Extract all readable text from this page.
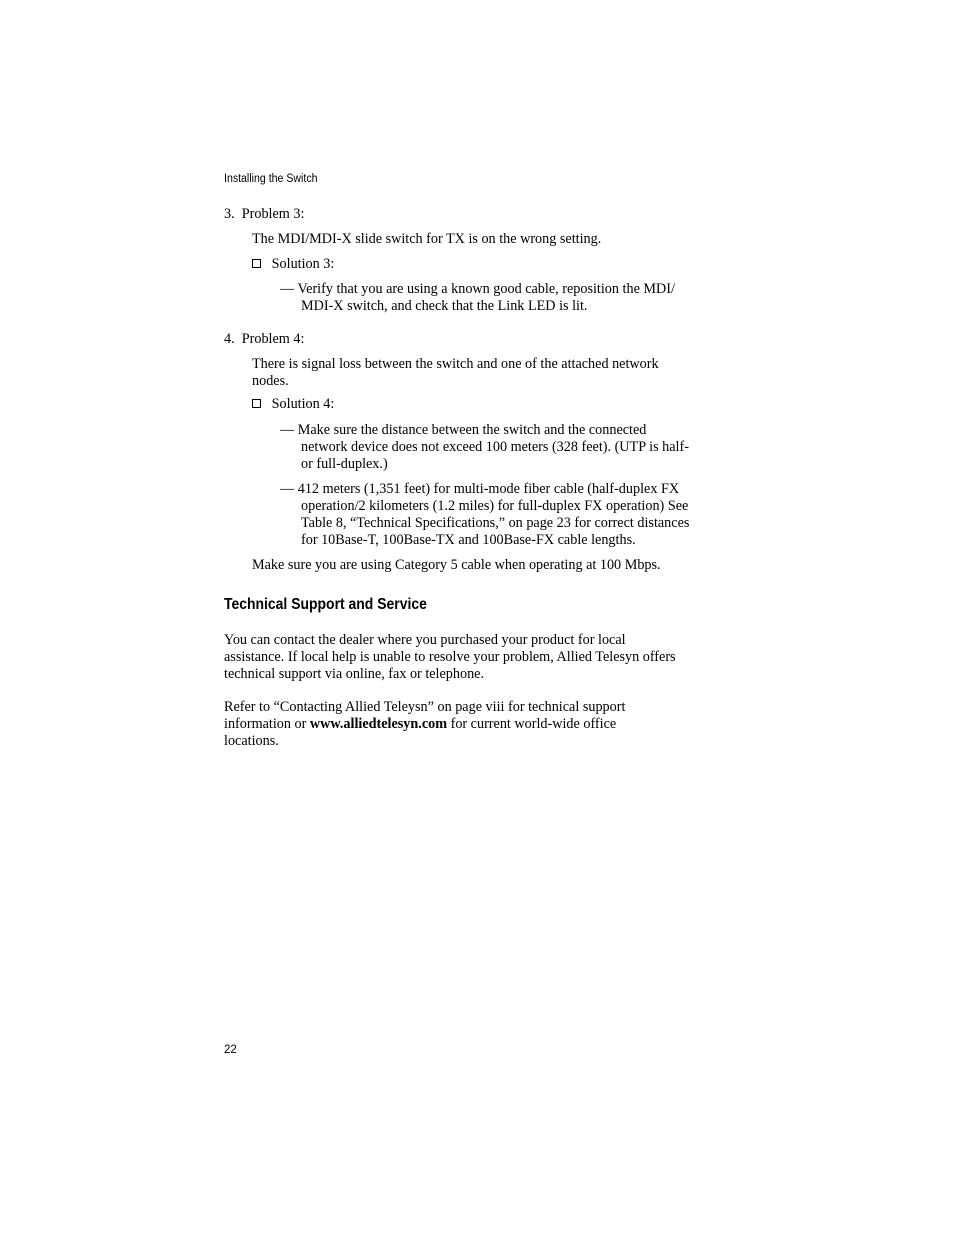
Installing the Switch
3. Problem 3:
The MDI/MDI-X slide switch for TX is on the wrong setting.
Solution 3:
— Verify that you are using a known good cable, reposition the MDI/
MDI-X switch, and check that the Link LED is lit.
4. Problem 4:
There is signal loss between the switch and one of the attached network
nodes.
Solution 4:
— Make sure the distance between the switch and the connected
network device does not exceed 100 meters (328 feet). (UTP is half-
or full-duplex.)
— 412 meters (1,351 feet) for multi-mode fiber cable (half-duplex FX
operation/2 kilometers (1.2 miles) for full-duplex FX operation) See
Table 8, “Technical Specifications,” on page 23 for correct distances
for 10Base-T, 100Base-TX and 100Base-FX cable lengths.
Make sure you are using Category 5 cable when operating at 100 Mbps.
Technical Support and Service
You can contact the dealer where you purchased your product for local
assistance. If local help is unable to resolve your problem, Allied Telesyn offers
technical support via online, fax or telephone.
Refer to “Contacting Allied Teleysn” on page viii for technical support
information or www.alliedtelesyn.com for current world-wide office
locations.
22
